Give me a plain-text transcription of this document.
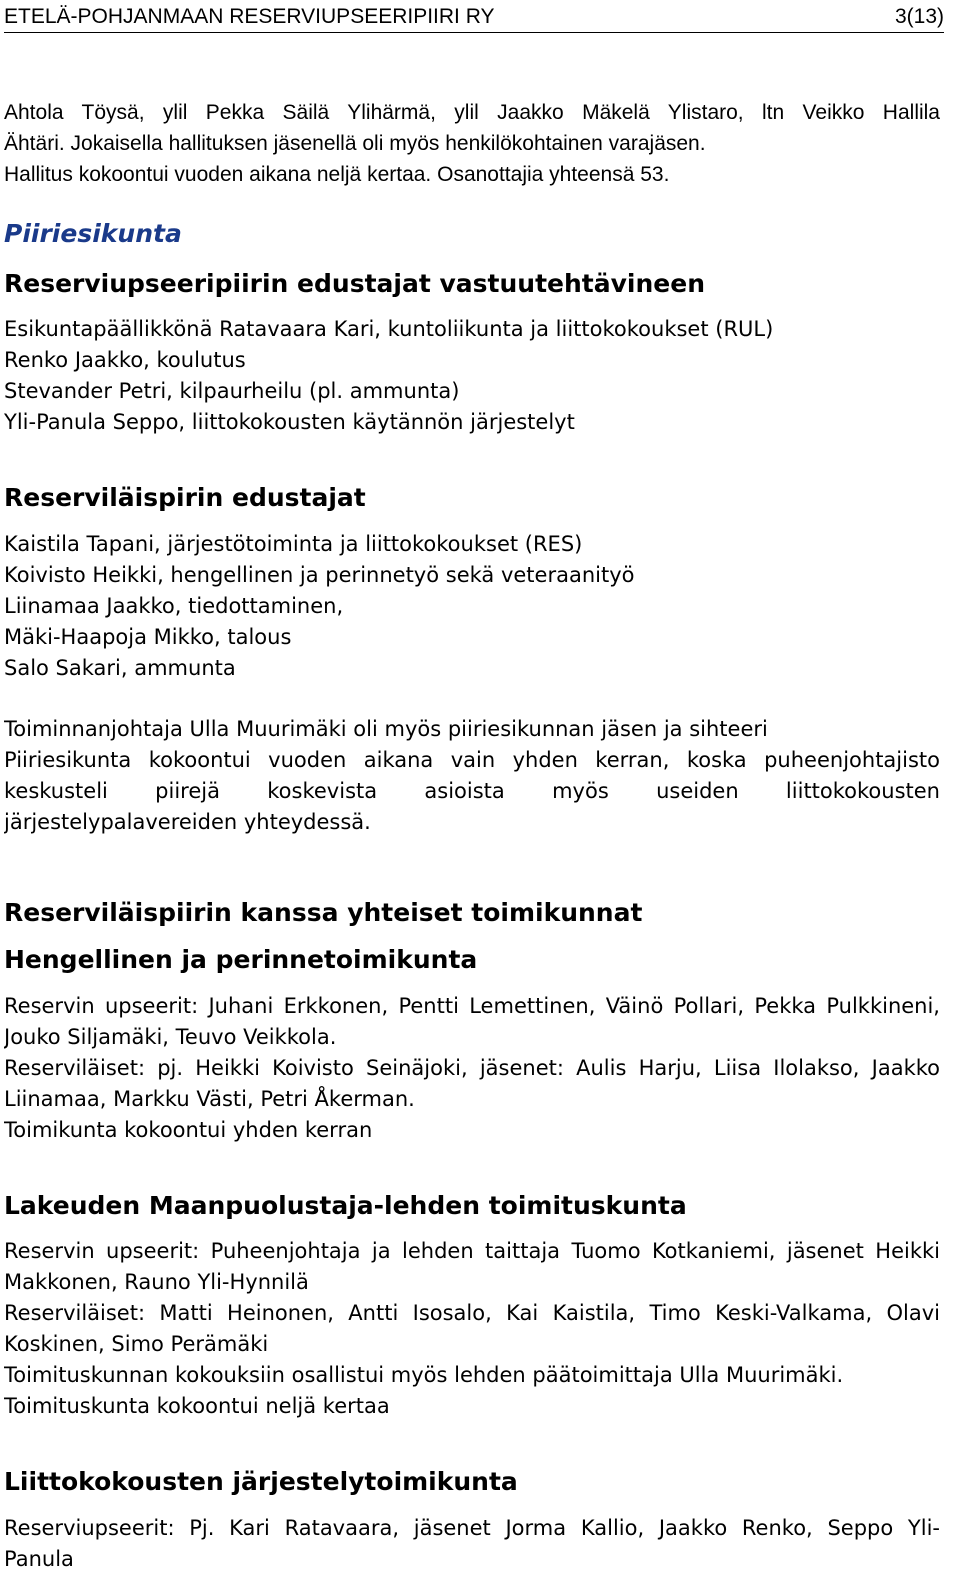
ETELÄ-POHJANMAAN RESERVIUPSEERIPIIRI RY	3(13)
Ahtola Töysä, ylil Pekka Säilä Ylihärmä, ylil Jaakko Mäkelä Ylistaro, ltn Veikko Hallila
Ähtäri. Jokaisella hallituksen jäsenellä oli myös henkilökohtainen varajäsen.
Hallitus kokoontui vuoden aikana neljä kertaa. Osanottajia yhteensä 53.
Piiriesikunta
Reserviupseeripiirin edustajat vastuutehtävineen
Esikuntapäällikkönä Ratavaara Kari, kuntoliikunta ja liittokokoukset (RUL)
Renko Jaakko, koulutus
Stevander Petri, kilpaurheilu (pl. ammunta)
Yli-Panula Seppo, liittokokousten käytännön järjestelyt
Reserviläispirin edustajat
Kaistila Tapani, järjestötoiminta ja liittokokoukset (RES)
Koivisto Heikki, hengellinen ja perinnetyö sekä veteraanityö
Liinamaa Jaakko, tiedottaminen,
Mäki-Haapoja Mikko, talous
Salo Sakari, ammunta
Toiminnanjohtaja Ulla Muurimäki oli myös piiriesikunnan jäsen ja sihteeri
Piiriesikunta kokoontui vuoden aikana vain yhden kerran, koska puheenjohtajisto
keskusteli piirejä koskevista asioista myös useiden liittokokousten
järjestelypalavereiden yhteydessä.
Reserviläispiirin kanssa yhteiset toimikunnat
Hengellinen ja perinnetoimikunta
Reservin upseerit: Juhani Erkkonen, Pentti Lemettinen, Väinö Pollari, Pekka Pulkkineni,
Jouko Siljamäki, Teuvo Veikkola.
Reserviläiset: pj. Heikki Koivisto Seinäjoki, jäsenet: Aulis Harju, Liisa Ilolakso, Jaakko
Liinamaa, Markku Västi, Petri Åkerman.
Toimikunta kokoontui yhden kerran
Lakeuden Maanpuolustaja-lehden toimituskunta
Reservin upseerit: Puheenjohtaja ja lehden taittaja Tuomo Kotkaniemi, jäsenet Heikki
Makkonen, Rauno Yli-Hynnilä
Reserviläiset: Matti Heinonen, Antti Isosalo, Kai Kaistila, Timo Keski-Valkama, Olavi
Koskinen, Simo Perämäki
Toimituskunnan kokouksiin osallistui myös lehden päätoimittaja Ulla Muurimäki.
Toimituskunta kokoontui neljä kertaa
Liittokokousten järjestelytoimikunta
Reserviupseerit: Pj. Kari Ratavaara, jäsenet Jorma Kallio, Jaakko Renko, Seppo Yli-
Panula
